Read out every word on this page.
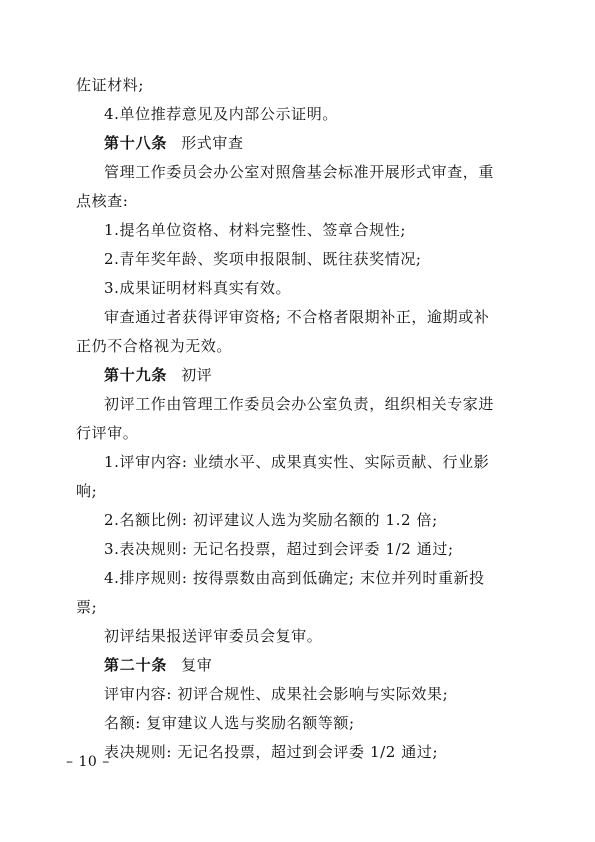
佐证材料;
4.单位推荐意见及内部公示证明。
第十八条 形式审查
管理工作委员会办公室对照詹基会标准开展形式审查，重
点核查:
1.提名单位资格、材料完整性、签章合规性;
2.青年奖年龄、奖项申报限制、既往获奖情况;
3.成果证明材料真实有效。
审查通过者获得评审资格; 不合格者限期补正，逾期或补
正仍不合格视为无效。
第十九条 初评
初评工作由管理工作委员会办公室负责，组织相关专家进
行评审。
1.评审内容: 业绩水平、成果真实性、实际贡献、行业影
响;
2.名额比例: 初评建议人选为奖励名额的 1.2 倍;
3.表决规则: 无记名投票，超过到会评委 1/2 通过;
4.排序规则: 按得票数由高到低确定; 末位并列时重新投
票;
初评结果报送评审委员会复审。
第二十条 复审
评审内容: 初评合规性、成果社会影响与实际效果;
名额: 复审建议人选与奖励名额等额;
表决规则: 无记名投票，超过到会评委 1/2 通过;
– 10 –
